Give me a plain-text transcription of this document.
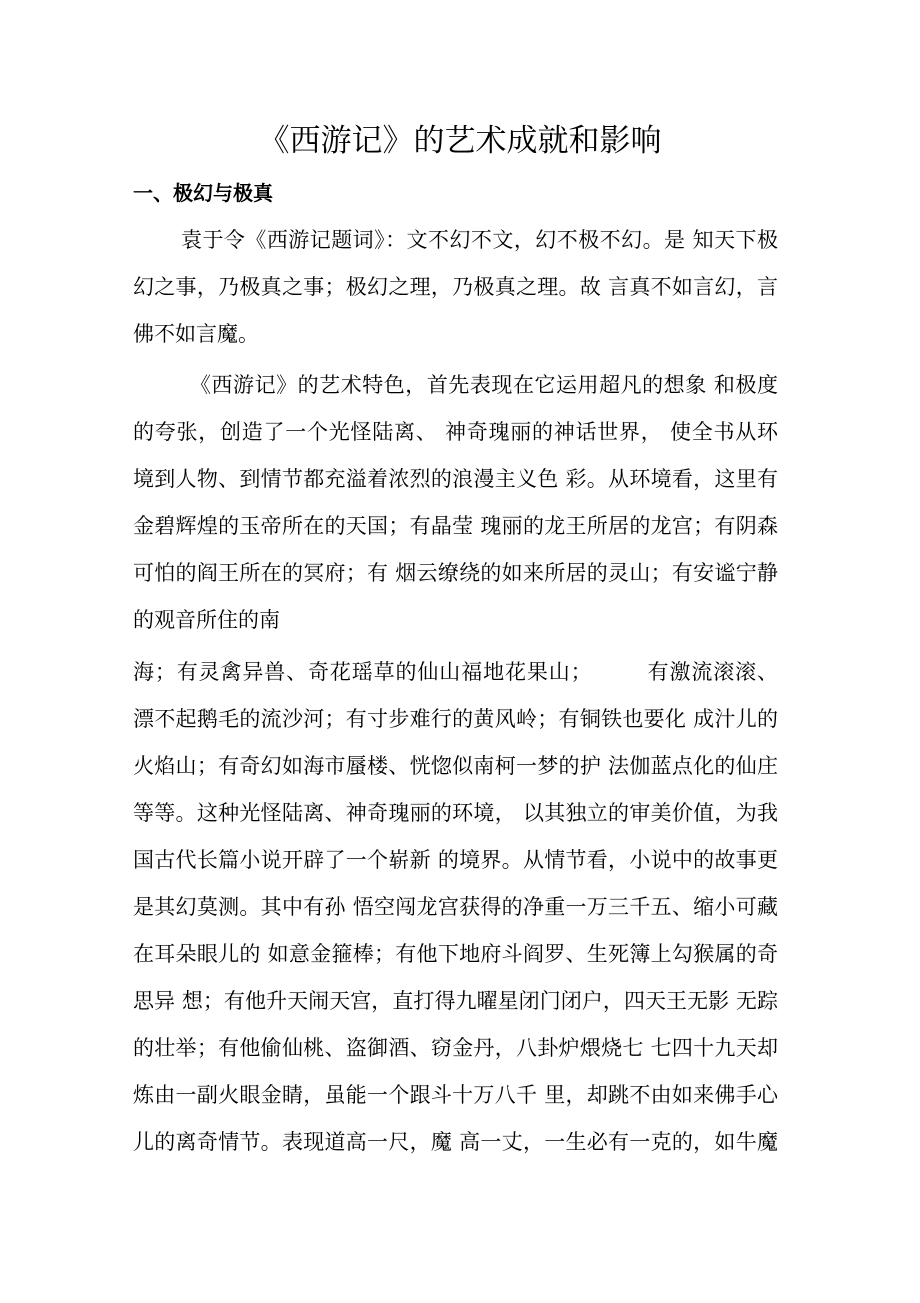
《西游记》的艺术成就和影响
一、极幻与极真
袁于令《西游记题词》：文不幻不文，幻不极不幻。是 知天下极
幻之事，乃极真之事；极幻之理，乃极真之理。故 言真不如言幻，言
佛不如言魔。
《西游记》的艺术特色，首先表现在它运用超凡的想象 和极度
的夸张，创造了一个光怪陆离、 神奇瑰丽的神话世界， 使全书从环
境到人物、到情节都充溢着浓烈的浪漫主义色 彩。从环境看，这里有
金碧辉煌的玉帝所在的天国；有晶莹 瑰丽的龙王所居的龙宫；有阴森
可怕的阎王所在的冥府；有 烟云缭绕的如来所居的灵山；有安谧宁静
的观音所住的南
海；有灵禽异兽、奇花瑶草的仙山福地花果山；　　　有激流滚滚、
漂不起鹅毛的流沙河；有寸步难行的黄风岭；有铜铁也要化 成汁儿的
火焰山；有奇幻如海市蜃楼、恍惚似南柯一梦的护 法伽蓝点化的仙庄
等等。这种光怪陆离、神奇瑰丽的环境， 以其独立的审美价值，为我
国古代长篇小说开辟了一个崭新 的境界。从情节看，小说中的故事更
是其幻莫测。其中有孙 悟空闯龙宫获得的净重一万三千五、缩小可藏
在耳朵眼儿的 如意金箍棒；有他下地府斗阎罗、生死簿上勾猴属的奇
思异 想；有他升天闹天宫，直打得九曜星闭门闭户，四天王无影 无踪
的壮举；有他偷仙桃、盗御酒、窃金丹，八卦炉煨烧七 七四十九天却
炼由一副火眼金睛，虽能一个跟斗十万八千 里，却跳不由如来佛手心
儿的离奇情节。表现道高一尺，魔 高一丈，一生必有一克的，如牛魔
